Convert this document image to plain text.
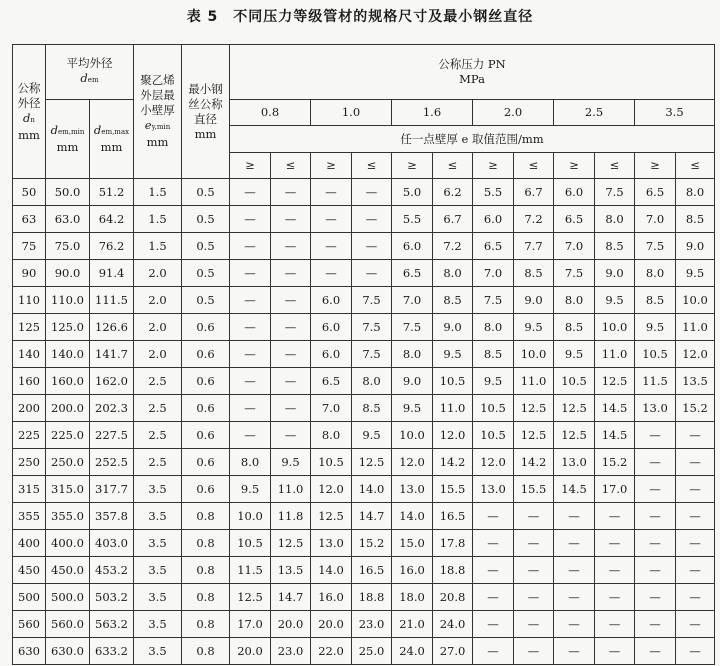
表 5　不同压力等级管材的规格尺寸及最小钢丝直径
公称
外径
dn
mm	平均外径
dem		聚乙烯
外层最
小壁厚
ey,min
mm	最小钢
丝公称
直径
mm	公称压力 PN
MPa											

	dem,min
mm	dem,max
mm			0.8		1.0		1.6		2.0		2.5		3.5	
					任一点壁厚 e 取值范围/mm											
					≥	≤	≥	≤	≥	≤	≥	≤	≥	≤	≥	≤
50	50.0	51.2	1.5	0.5	—	—	—	—	5.0	6.2	5.5	6.7	6.0	7.5	6.5	8.0
63	63.0	64.2	1.5	0.5	—	—	—	—	5.5	6.7	6.0	7.2	6.5	8.0	7.0	8.5
75	75.0	76.2	1.5	0.5	—	—	—	—	6.0	7.2	6.5	7.7	7.0	8.5	7.5	9.0
90	90.0	91.4	2.0	0.5	—	—	—	—	6.5	8.0	7.0	8.5	7.5	9.0	8.0	9.5
110	110.0	111.5	2.0	0.5	—	—	6.0	7.5	7.0	8.5	7.5	9.0	8.0	9.5	8.5	10.0
125	125.0	126.6	2.0	0.6	—	—	6.0	7.5	7.5	9.0	8.0	9.5	8.5	10.0	9.5	11.0
140	140.0	141.7	2.0	0.6	—	—	6.0	7.5	8.0	9.5	8.5	10.0	9.5	11.0	10.5	12.0
160	160.0	162.0	2.5	0.6	—	—	6.5	8.0	9.0	10.5	9.5	11.0	10.5	12.5	11.5	13.5
200	200.0	202.3	2.5	0.6	—	—	7.0	8.5	9.5	11.0	10.5	12.5	12.5	14.5	13.0	15.2
225	225.0	227.5	2.5	0.6	—	—	8.0	9.5	10.0	12.0	10.5	12.5	12.5	14.5	—	—
250	250.0	252.5	2.5	0.6	8.0	9.5	10.5	12.5	12.0	14.2	12.0	14.2	13.0	15.2	—	—
315	315.0	317.7	3.5	0.6	9.5	11.0	12.0	14.0	13.0	15.5	13.0	15.5	14.5	17.0	—	—
355	355.0	357.8	3.5	0.8	10.0	11.8	12.5	14.7	14.0	16.5	—	—	—	—	—	—
400	400.0	403.0	3.5	0.8	10.5	12.5	13.0	15.2	15.0	17.8	—	—	—	—	—	—
450	450.0	453.2	3.5	0.8	11.5	13.5	14.0	16.5	16.0	18.8	—	—	—	—	—	—
500	500.0	503.2	3.5	0.8	12.5	14.7	16.0	18.8	18.0	20.8	—	—	—	—	—	—
560	560.0	563.2	3.5	0.8	17.0	20.0	20.0	23.0	21.0	24.0	—	—	—	—	—	—
630	630.0	633.2	3.5	0.8	20.0	23.0	22.0	25.0	24.0	27.0	—	—	—	—	—	—
